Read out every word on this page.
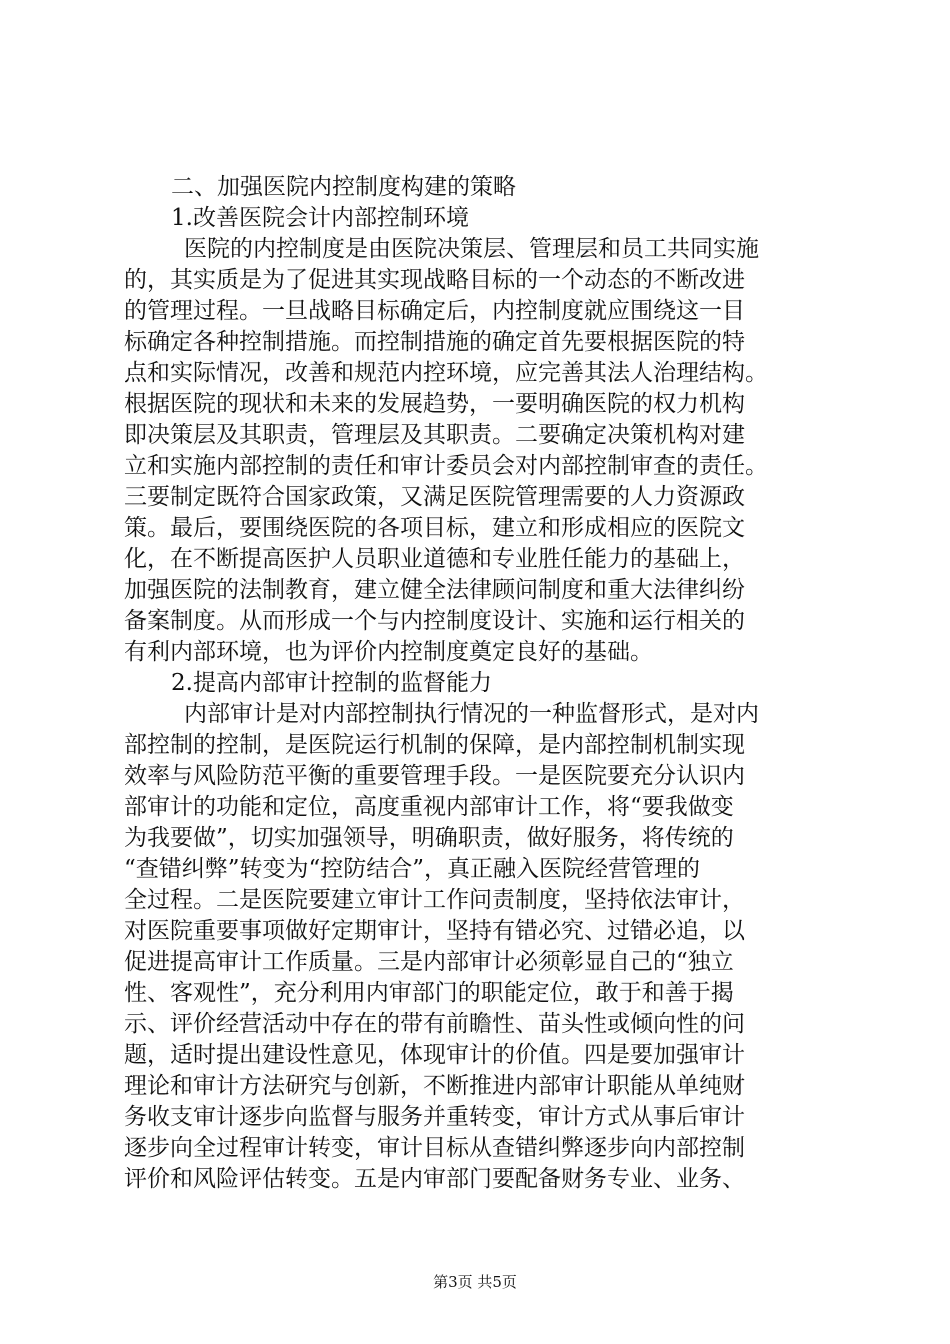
二、加强医院内控制度构建的策略
1.改善医院会计内部控制环境
医院的内控制度是由医院决策层、管理层和员工共同实施
的，其实质是为了促进其实现战略目标的一个动态的不断改进
的管理过程。一旦战略目标确定后，内控制度就应围绕这一目
标确定各种控制措施。而控制措施的确定首先要根据医院的特
点和实际情况，改善和规范内控环境，应完善其法人治理结构。
根据医院的现状和未来的发展趋势，一要明确医院的权力机构
即决策层及其职责，管理层及其职责。二要确定决策机构对建
立和实施内部控制的责任和审计委员会对内部控制审查的责任。
三要制定既符合国家政策，又满足医院管理需要的人力资源政
策。最后，要围绕医院的各项目标，建立和形成相应的医院文
化，在不断提高医护人员职业道德和专业胜任能力的基础上，
加强医院的法制教育，建立健全法律顾问制度和重大法律纠纷
备案制度。从而形成一个与内控制度设计、实施和运行相关的
有利内部环境，也为评价内控制度奠定良好的基础。
2.提高内部审计控制的监督能力
内部审计是对内部控制执行情况的一种监督形式，是对内
部控制的控制，是医院运行机制的保障，是内部控制机制实现
效率与风险防范平衡的重要管理手段。一是医院要充分认识内
部审计的功能和定位，高度重视内部审计工作，将“要我做变
为我要做”，切实加强领导，明确职责，做好服务，将传统的
“查错纠弊”转变为“控防结合”，真正融入医院经营管理的
全过程。二是医院要建立审计工作问责制度，坚持依法审计，
对医院重要事项做好定期审计，坚持有错必究、过错必追，以
促进提高审计工作质量。三是内部审计必须彰显自己的“独立
性、客观性”，充分利用内审部门的职能定位，敢于和善于揭
示、评价经营活动中存在的带有前瞻性、苗头性或倾向性的问
题，适时提出建设性意见，体现审计的价值。四是要加强审计
理论和审计方法研究与创新，不断推进内部审计职能从单纯财
务收支审计逐步向监督与服务并重转变，审计方式从事后审计
逐步向全过程审计转变，审计目标从查错纠弊逐步向内部控制
评价和风险评估转变。五是内审部门要配备财务专业、业务、
第3页 共5页
